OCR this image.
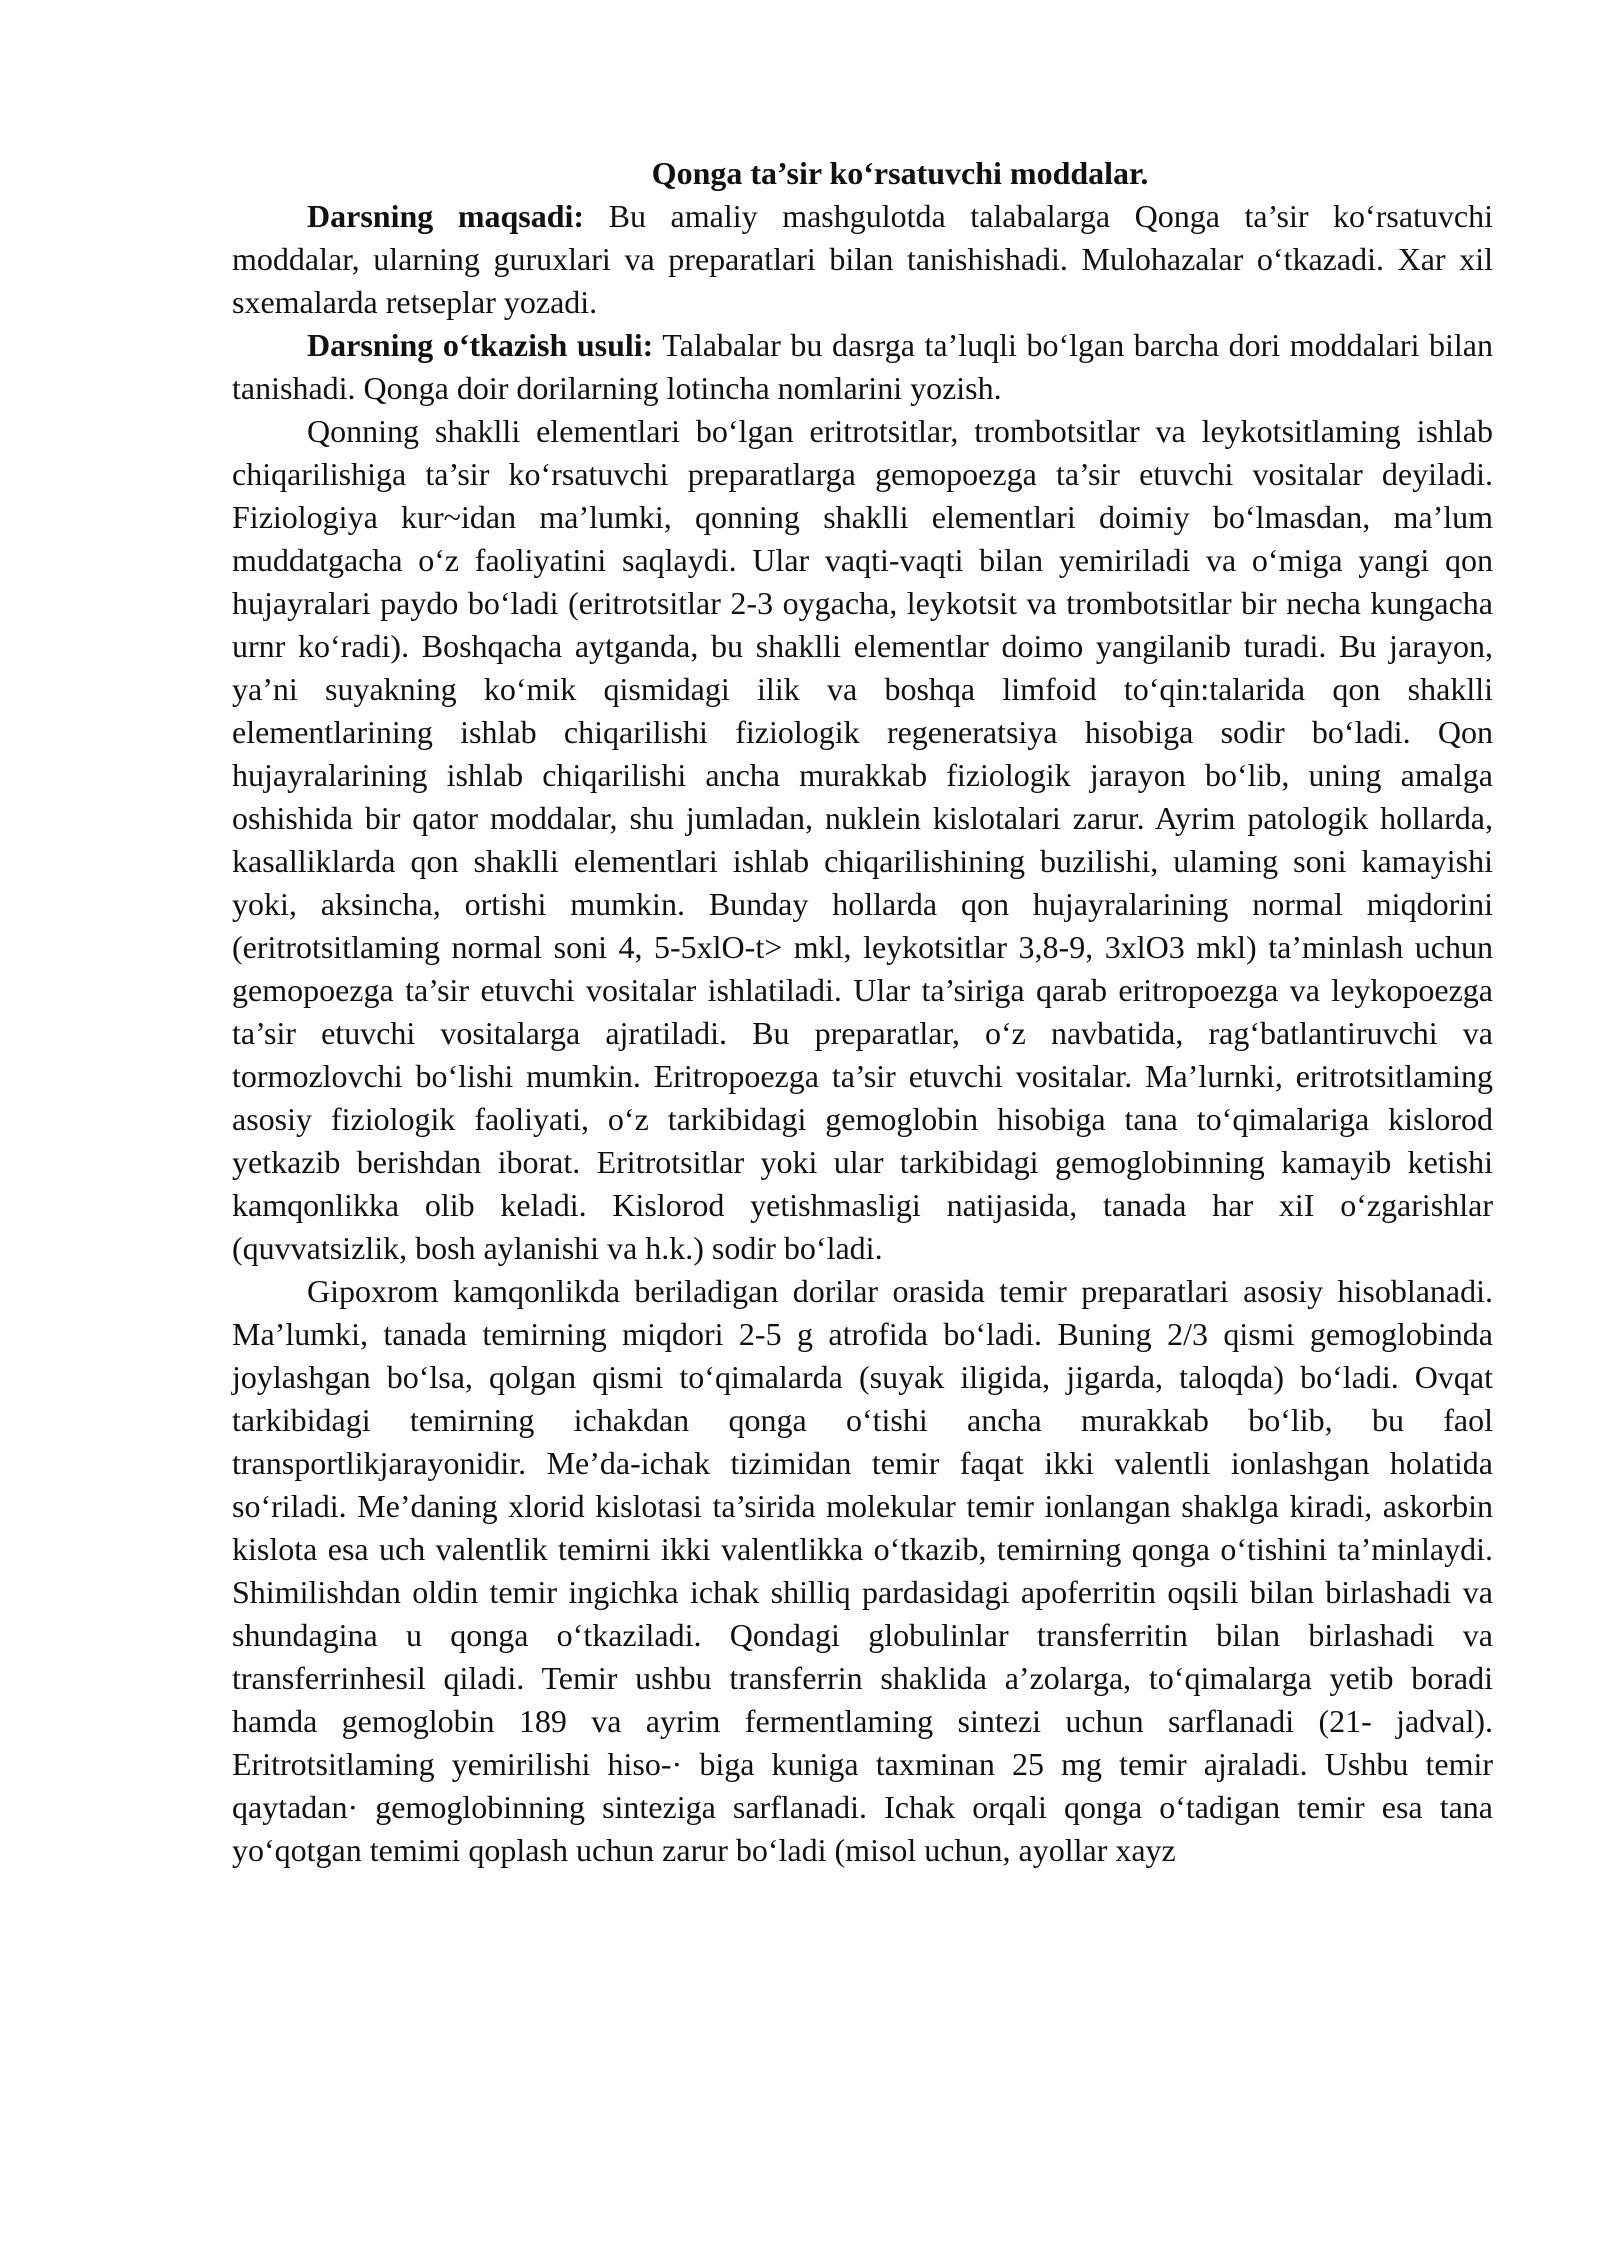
Qonga ta’sir ko‘rsatuvchi moddalar.

Darsning maqsadi: Bu amaliy mashgulotda talabalarga Qonga ta’sir ko‘rsatuvchi moddalar, ularning guruxlari va preparatlari bilan tanishishadi. Mulohazalar o‘tkazadi. Xar xil sxemalarda retseplar yozadi.

Darsning o‘tkazish usuli: Talabalar bu dasrga ta’luqli bo‘lgan barcha dori moddalari bilan tanishadi. Qonga doir dorilarning lotincha nomlarini yozish.

Qonning shaklli elementlari bo‘lgan eritrotsitlar, trombotsitlar va leykotsitlaming ishlab chiqarilishiga ta’sir ko‘rsatuvchi preparatlarga gemopoezga ta’sir etuvchi vositalar deyiladi. Fiziologiya kur~idan ma’lumki, qonning shaklli elementlari doimiy bo‘lmasdan, ma’lum muddatgacha o‘z faoliyatini saqlaydi. Ular vaqti-vaqti bilan yemiriladi va o‘miga yangi qon hujayralari paydo bo‘ladi (eritrotsitlar 2-3 oygacha, leykotsit va trombotsitlar bir necha kungacha urnr ko‘radi). Boshqacha aytganda, bu shaklli elementlar doimo yangilanib turadi. Bu jarayon, ya’ni suyakning ko‘mik qismidagi ilik va boshqa limfoid to‘qin:talarida qon shaklli elementlarining ishlab chiqarilishi fiziologik regeneratsiya hisobiga sodir bo‘ladi. Qon hujayralarining ishlab chiqarilishi ancha murakkab fiziologik jarayon bo‘lib, uning amalga oshishida bir qator moddalar, shu jumladan, nuklein kislotalari zarur. Ayrim patologik hollarda, kasalliklarda qon shaklli elementlari ishlab chiqarilishining buzilishi, ulaming soni kamayishi yoki, aksincha, ortishi mumkin. Bunday hollarda qon hujayralarining normal miqdorini (eritrotsitlaming normal soni 4, 5-5xlO-t> mkl, leykotsitlar 3,8-9, 3xlO3 mkl) ta’minlash uchun gemopoezga ta’sir etuvchi vositalar ishlatiladi. Ular ta’siriga qarab eritropoezga va leykopoezga ta’sir etuvchi vositalarga ajratiladi. Bu preparatlar, o‘z navbatida, rag‘batlantiruvchi va tormozlovchi bo‘lishi mumkin. Eritropoezga ta’sir etuvchi vositalar. Ma’lurnki, eritrotsitlaming asosiy fiziologik faoliyati, o‘z tarkibidagi gemoglobin hisobiga tana to‘qimalariga kislorod yetkazib berishdan iborat. Eritrotsitlar yoki ular tarkibidagi gemoglobinning kamayib ketishi kamqonlikka olib keladi. Kislorod yetishmasligi natijasida, tanada har xiI o‘zgarishlar (quvvatsizlik, bosh aylanishi va h.k.) sodir bo‘ladi.

Gipoxrom kamqonlikda beriladigan dorilar orasida temir preparatlari asosiy hisoblanadi. Ma’lumki, tanada temirning miqdori 2-5 g atrofida bo‘ladi. Buning 2/3 qismi gemoglobinda joylashgan bo‘lsa, qolgan qismi to‘qimalarda (suyak iligida, jigarda, taloqda) bo‘ladi. Ovqat tarkibidagi temirning ichakdan qonga o‘tishi ancha murakkab bo‘lib, bu faol transportlikjarayonidir. Me’da-ichak tizimidan temir faqat ikki valentli ionlashgan holatida so‘riladi. Me’daning xlorid kislotasi ta’sirida molekular temir ionlangan shaklga kiradi, askorbin kislota esa uch valentlik temirni ikki valentlikka o‘tkazib, temirning qonga o‘tishini ta’minlaydi. Shimilishdan oldin temir ingichka ichak shilliq pardasidagi apoferritin oqsili bilan birlashadi va shundagina u qonga o‘tkaziladi. Qondagi globulinlar transferritin bilan birlashadi va transferrinhesil qiladi. Temir ushbu transferrin shaklida a’zolarga, to‘qimalarga yetib boradi hamda gemoglobin 189 va ayrim fermentlaming sintezi uchun sarflanadi (21- jadval). Eritrotsitlaming yemirilishi hiso-· biga kuniga taxminan 25 mg temir ajraladi. Ushbu temir qaytadan· gemoglobinning sinteziga sarflanadi. Ichak orqali qonga o‘tadigan temir esa tana yo‘qotgan temimi qoplash uchun zarur bo‘ladi (misol uchun, ayollar xayz
